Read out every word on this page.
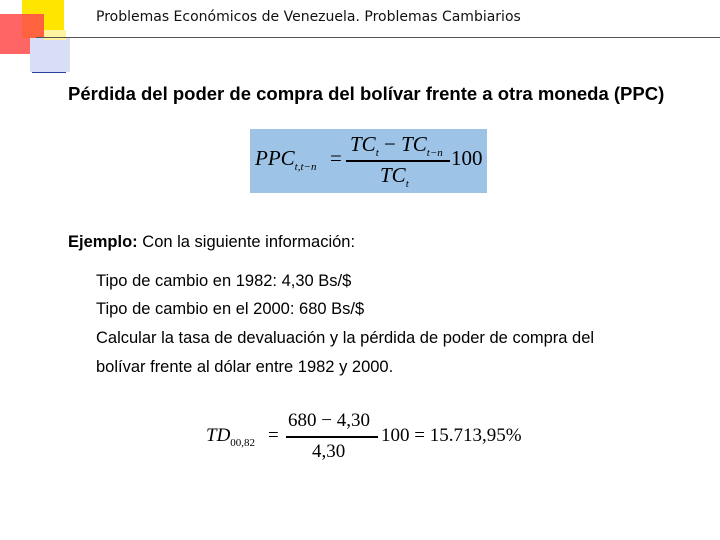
Problemas Económicos de Venezuela. Problemas Cambiarios
Pérdida del poder de compra del bolívar frente a otra moneda (PPC)
$PPC_{t,t-n}$ =
$TC_t - TC_{t-n}$
$TC_t$
100
Ejemplo: Con la siguiente información:
Tipo de cambio en 1982: 4,30 Bs/$
Tipo de cambio en el 2000: 680 Bs/$
Calcular la tasa de devaluación y la pérdida de poder de compra del
bolívar frente al dólar entre 1982 y 2000.
$TD_{00,82}$ =
680 − 4,30
4,30
100 = 15.713,95%
